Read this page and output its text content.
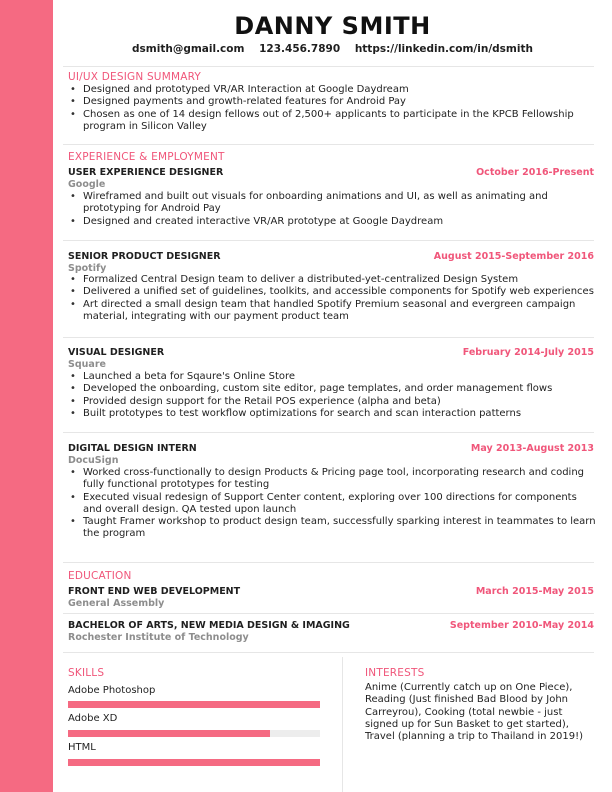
DANNY SMITH
dsmith@gmail.com 123.456.7890 https://linkedin.com/in/dsmith
UI/UX DESIGN SUMMARY
• Designed and prototyped VR/AR Interaction at Google Daydream
• Designed payments and growth-related features for Android Pay
• Chosen as one of 14 design fellows out of 2,500+ applicants to participate in the KPCB Fellowship program in Silicon Valley
EXPERIENCE & EMPLOYMENT
USER EXPERIENCE DESIGNER	October 2016-Present
Google
• Wireframed and built out visuals for onboarding animations and UI, as well as animating and prototyping for Android Pay
• Designed and created interactive VR/AR prototype at Google Daydream
SENIOR PRODUCT DESIGNER	August 2015-September 2016
Spotify
• Formalized Central Design team to deliver a distributed-yet-centralized Design System
• Delivered a unified set of guidelines, toolkits, and accessible components for Spotify web experiences
• Art directed a small design team that handled Spotify Premium seasonal and evergreen campaign material, integrating with our payment product team
VISUAL DESIGNER	February 2014-July 2015
Square
• Launched a beta for Sqaure's Online Store
• Developed the onboarding, custom site editor, page templates, and order management flows
• Provided design support for the Retail POS experience (alpha and beta)
• Built prototypes to test workflow optimizations for search and scan interaction patterns
DIGITAL DESIGN INTERN	May 2013-August 2013
DocuSign
• Worked cross-functionally to design Products & Pricing page tool, incorporating research and coding fully functional prototypes for testing
• Executed visual redesign of Support Center content, exploring over 100 directions for components and overall design. QA tested upon launch
• Taught Framer workshop to product design team, successfully sparking interest in teammates to learn the program
EDUCATION
FRONT END WEB DEVELOPMENT	March 2015-May 2015
General Assembly
BACHELOR OF ARTS, NEW MEDIA DESIGN & IMAGING	September 2010-May 2014
Rochester Institute of Technology
SKILLS
Adobe Photoshop
Adobe XD
HTML
INTERESTS
Anime (Currently catch up on One Piece), Reading (Just finished Bad Blood by John Carreyrou), Cooking (total newbie - just signed up for Sun Basket to get started), Travel (planning a trip to Thailand in 2019!)
